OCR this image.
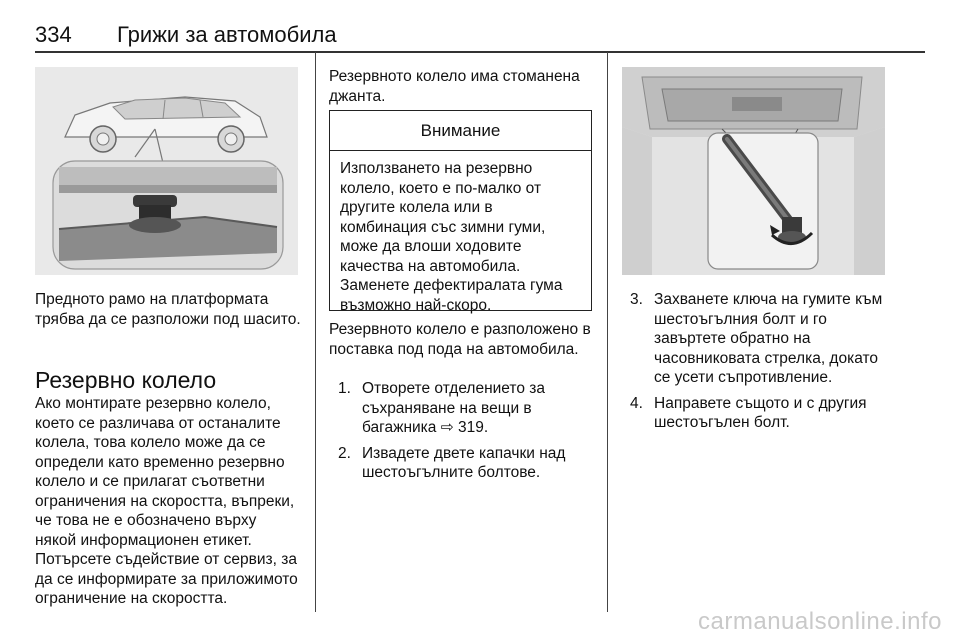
334 Грижи за автомобила
Предното рамо на платформата трябва да се разположи под шасито.
Резервно колело
Ако монтирате резервно колело, което се различава от останалите колела, това колело може да се определи като временно резервно колело и се прилагат съответни ограничения на скоростта, въпреки, че това не е обозначено върху някой информационен етикет. Потърсете съдействие от сервиз, за да се информирате за приложимото ограничение на скоростта.
Резервното колело има стоманена джанта.
Внимание
Използването на резервно колело, което е по-малко от другите колела или в комбинация със зимни гуми, може да влоши ходовите качества на автомобила. Заменете дефектиралата гума възможно най-скоро.
Резервното колело е разположено в поставка под пода на автомобила.
1. Отворете отделението за съхраняване на вещи в багажника ⇨ 319.
2. Извадете двете капачки над шестоъгълните болтове.
3. Захванете ключа на гумите към шестоъгълния болт и го завъртете обратно на часовниковата стрелка, докато се усети съпротивление.
4. Направете същото и с другия шестоъгълен болт.
carmanualsonline.info
